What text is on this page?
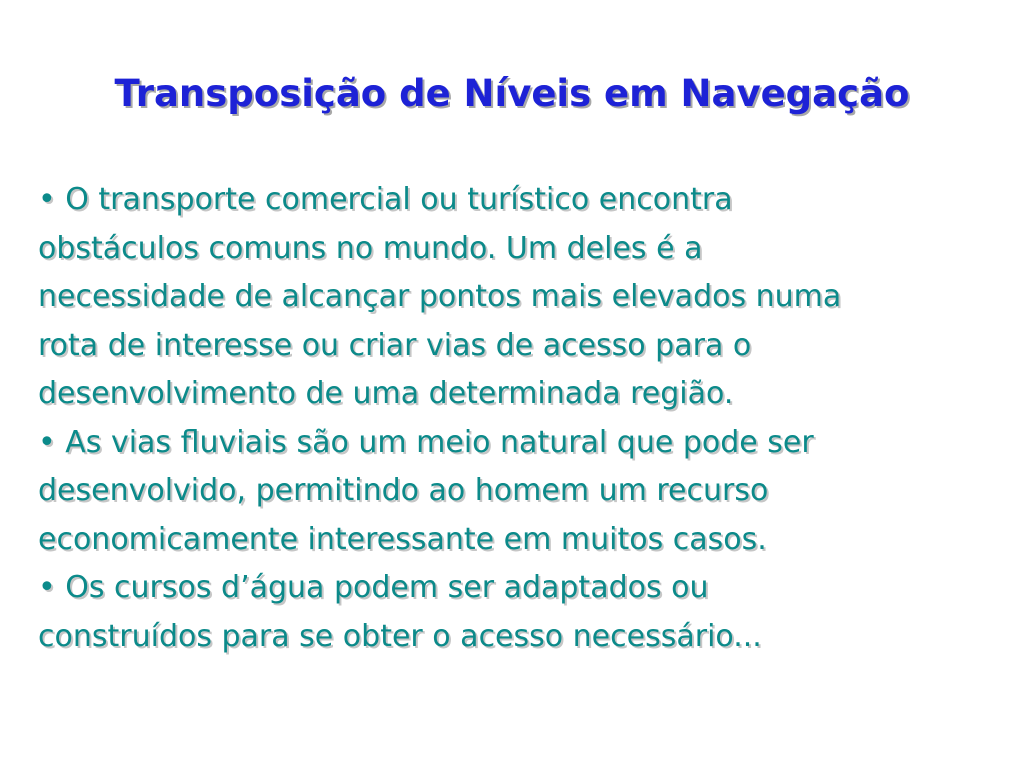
Transposição de Níveis em Navegação
• O transporte comercial ou turístico encontra
obstáculos comuns no mundo. Um deles é a
necessidade de alcançar pontos mais elevados numa
rota de interesse ou criar vias de acesso para o
desenvolvimento de uma determinada região.
• As vias fluviais são um meio natural que pode ser
desenvolvido, permitindo ao homem um recurso
economicamente interessante em muitos casos.
• Os cursos d’água podem ser adaptados ou
construídos para se obter o acesso necessário...
